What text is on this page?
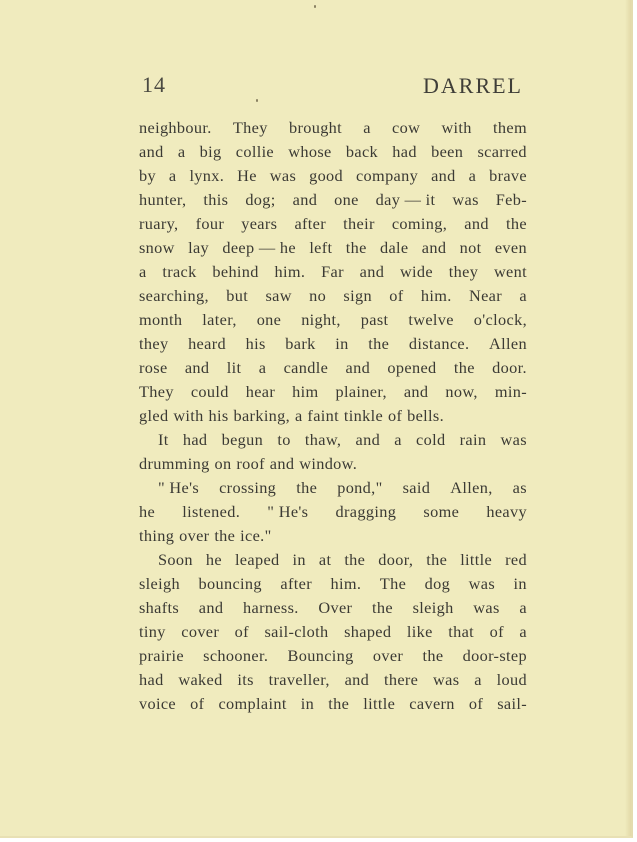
14	DARREL
neighbour. They brought a cow with them
and a big collie whose back had been scarred
by a lynx. He was good company and a brave
hunter, this dog; and one day — it was Feb-
ruary, four years after their coming, and the
snow lay deep — he left the dale and not even
a track behind him. Far and wide they went
searching, but saw no sign of him. Near a
month later, one night, past twelve o'clock,
they heard his bark in the distance. Allen
rose and lit a candle and opened the door.
They could hear him plainer, and now, min-
gled with his barking, a faint tinkle of bells.
It had begun to thaw, and a cold rain was
drumming on roof and window.
" He's crossing the pond," said Allen, as
he listened. " He's dragging some heavy
thing over the ice."
Soon he leaped in at the door, the little red
sleigh bouncing after him. The dog was in
shafts and harness. Over the sleigh was a
tiny cover of sail-cloth shaped like that of a
prairie schooner. Bouncing over the door-step
had waked its traveller, and there was a loud
voice of complaint in the little cavern of sail-
